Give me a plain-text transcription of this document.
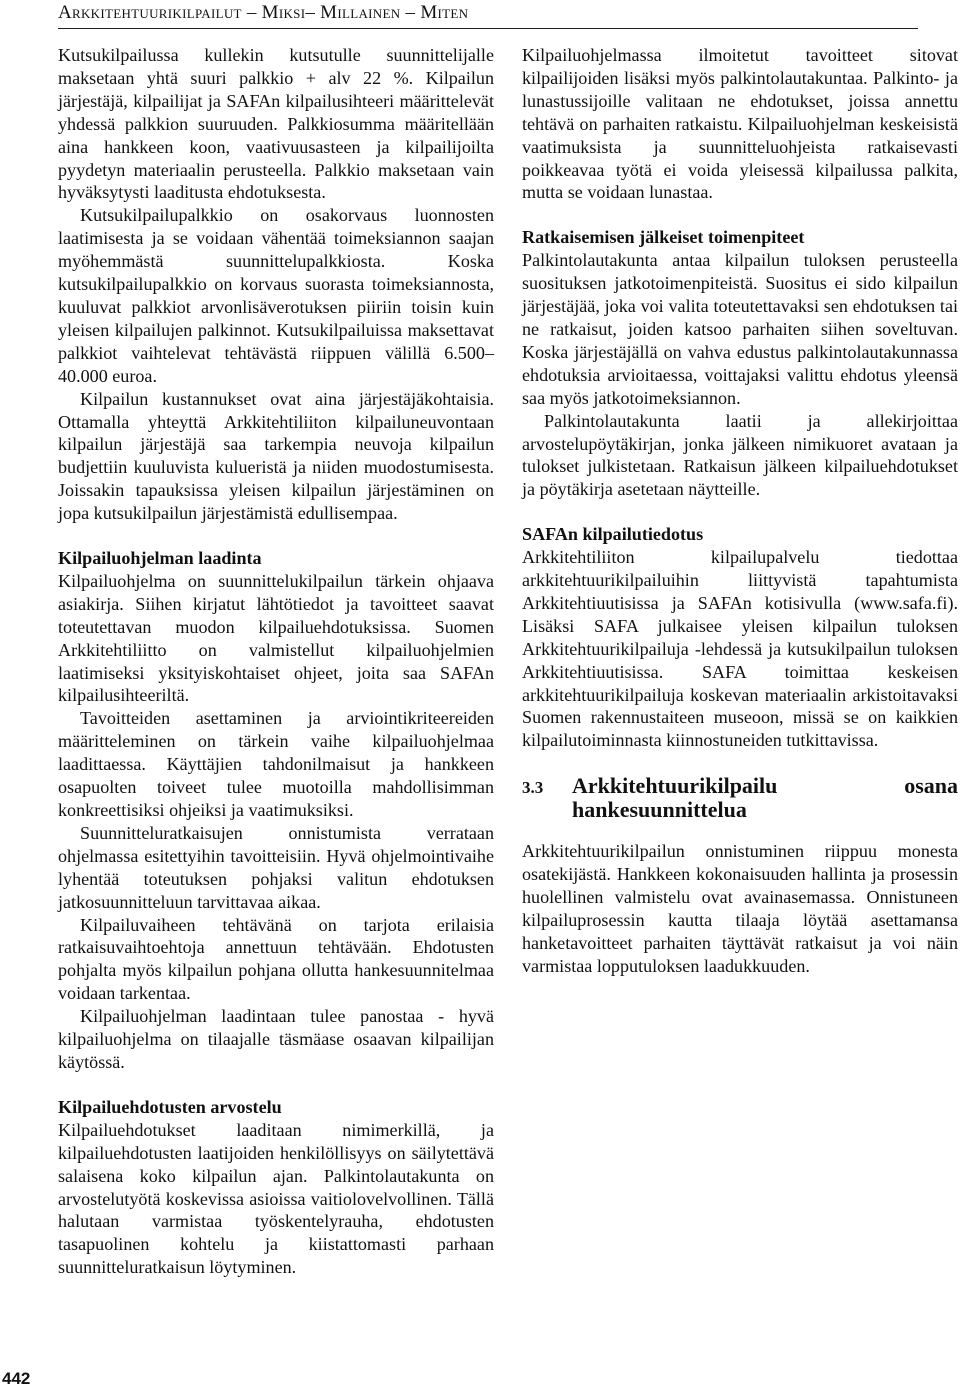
Arkkitehtuurikilpailut – Miksi– Millainen – Miten

Kutsukilpailussa kullekin kutsutulle suunnittelijalle maksetaan yhtä suuri palkkio + alv 22 %. Kilpailun järjestäjä, kilpailijat ja SAFAn kilpailusihteeri määrittelevät yhdessä palkkion suuruuden. Palkkiosumma määritellään aina hankkeen koon, vaativuusasteen ja kilpailijoilta pyydetyn materiaalin perusteella. Palkkio maksetaan vain hyväksytysti laaditusta ehdotuksesta.

Kutsukilpailupalkkio on osakorvaus luonnosten laatimisesta ja se voidaan vähentää toimeksiannon saajan myöhemmästä suunnittelupalkkiosta. Koska kutsukilpailupalkkio on korvaus suorasta toimeksiannosta, kuuluvat palkkiot arvonlisäverotuksen piiriin toisin kuin yleisen kilpailujen palkinnot. Kutsukilpailuissa maksettavat palkkiot vaihtelevat tehtävästä riippuen välillä 6.500–40.000 euroa.

Kilpailun kustannukset ovat aina järjestäjäkohtaisia. Ottamalla yhteyttä Arkkitehtiliiton kilpailuneuvontaan kilpailun järjestäjä saa tarkempia neuvoja kilpailun budjettiin kuuluvista kulueristä ja niiden muodostumisesta. Joissakin tapauksissa yleisen kilpailun järjestäminen on jopa kutsukilpailun järjestämistä edullisempaa.

Kilpailuohjelman laadinta

Kilpailuohjelma on suunnittelukilpailun tärkein ohjaava asiakirja. Siihen kirjatut lähtötiedot ja tavoitteet saavat toteutettavan muodon kilpailuehdotuksissa. Suomen Arkkitehtiliitto on valmistellut kilpailuohjelmien laatimiseksi yksityiskohtaiset ohjeet, joita saa SAFAn kilpailusihteeriltä.

Tavoitteiden asettaminen ja arviointikriteereiden määritteleminen on tärkein vaihe kilpailuohjelmaa laadittaessa. Käyttäjien tahdonilmaisut ja hankkeen osapuolten toiveet tulee muotoilla mahdollisimman konkreettisiksi ohjeiksi ja vaatimuksiksi.

Suunnitteluratkaisujen onnistumista verrataan ohjelmassa esitettyihin tavoitteisiin. Hyvä ohjelmointivaihe lyhentää toteutuksen pohjaksi valitun ehdotuksen jatkosuunnitteluun tarvittavaa aikaa.

Kilpailuvaiheen tehtävänä on tarjota erilaisia ratkaisuvaihtoehtoja annettuun tehtävään. Ehdotusten pohjalta myös kilpailun pohjana ollutta hankesuunnitelmaa voidaan tarkentaa.

Kilpailuohjelman laadintaan tulee panostaa - hyvä kilpailuohjelma on tilaajalle täsmäase osaavan kilpailijan käytössä.

Kilpailuehdotusten arvostelu

Kilpailuehdotukset laaditaan nimimerkillä, ja kilpailuehdotusten laatijoiden henkilöllisyys on säilytettävä salaisena koko kilpailun ajan. Palkintolautakunta on arvostelutyötä koskevissa asioissa vaitiolovelvollinen. Tällä halutaan varmistaa työskentelyrauha, ehdotusten tasapuolinen kohtelu ja kiistattomasti parhaan suunnitteluratkaisun löytyminen.

Kilpailuohjelmassa ilmoitetut tavoitteet sitovat kilpailijoiden lisäksi myös palkintolautakuntaa. Palkinto- ja lunastussijoille valitaan ne ehdotukset, joissa annettu tehtävä on parhaiten ratkaistu. Kilpailuohjelman keskeisistä vaatimuksista ja suunnitteluohjeista ratkaisevasti poikkeavaa työtä ei voida yleisessä kilpailussa palkita, mutta se voidaan lunastaa.

Ratkaisemisen jälkeiset toimenpiteet

Palkintolautakunta antaa kilpailun tuloksen perusteella suosituksen jatkotoimenpiteistä. Suositus ei sido kilpailun järjestäjää, joka voi valita toteutettavaksi sen ehdotuksen tai ne ratkaisut, joiden katsoo parhaiten siihen soveltuvan. Koska järjestäjällä on vahva edustus palkintolautakunnassa ehdotuksia arvioitaessa, voittajaksi valittu ehdotus yleensä saa myös jatkotoimeksiannon.

Palkintolautakunta laatii ja allekirjoittaa arvostelupöytäkirjan, jonka jälkeen nimikuoret avataan ja tulokset julkistetaan. Ratkaisun jälkeen kilpailuehdotukset ja pöytäkirja asetetaan näytteille.

SAFAn kilpailutiedotus

Arkkitehtiliiton kilpailupalvelu tiedottaa arkkitehtuurikilpailuihin liittyvistä tapahtumista Arkkitehtiuutisissa ja SAFAn kotisivulla (www.safa.fi). Lisäksi SAFA julkaisee yleisen kilpailun tuloksen Arkkitehtuurikilpailuja -lehdessä ja kutsukilpailun tuloksen Arkkitehtiuutisissa. SAFA toimittaa keskeisen arkkitehtuurikilpailuja koskevan materiaalin arkistoitavaksi Suomen rakennustaiteen museoon, missä se on kaikkien kilpailutoiminnasta kiinnostuneiden tutkittavissa.

3.3	Arkkitehtuurikilpailu osana hankesuunnittelua

Arkkitehtuurikilpailun onnistuminen riippuu monesta osatekijästä. Hankkeen kokonaisuuden hallinta ja prosessin huolellinen valmistelu ovat avainasemassa. Onnistuneen kilpailuprosessin kautta tilaaja löytää asettamansa hanketavoitteet parhaiten täyttävät ratkaisut ja voi näin varmistaa lopputuloksen laadukkuuden.

442
